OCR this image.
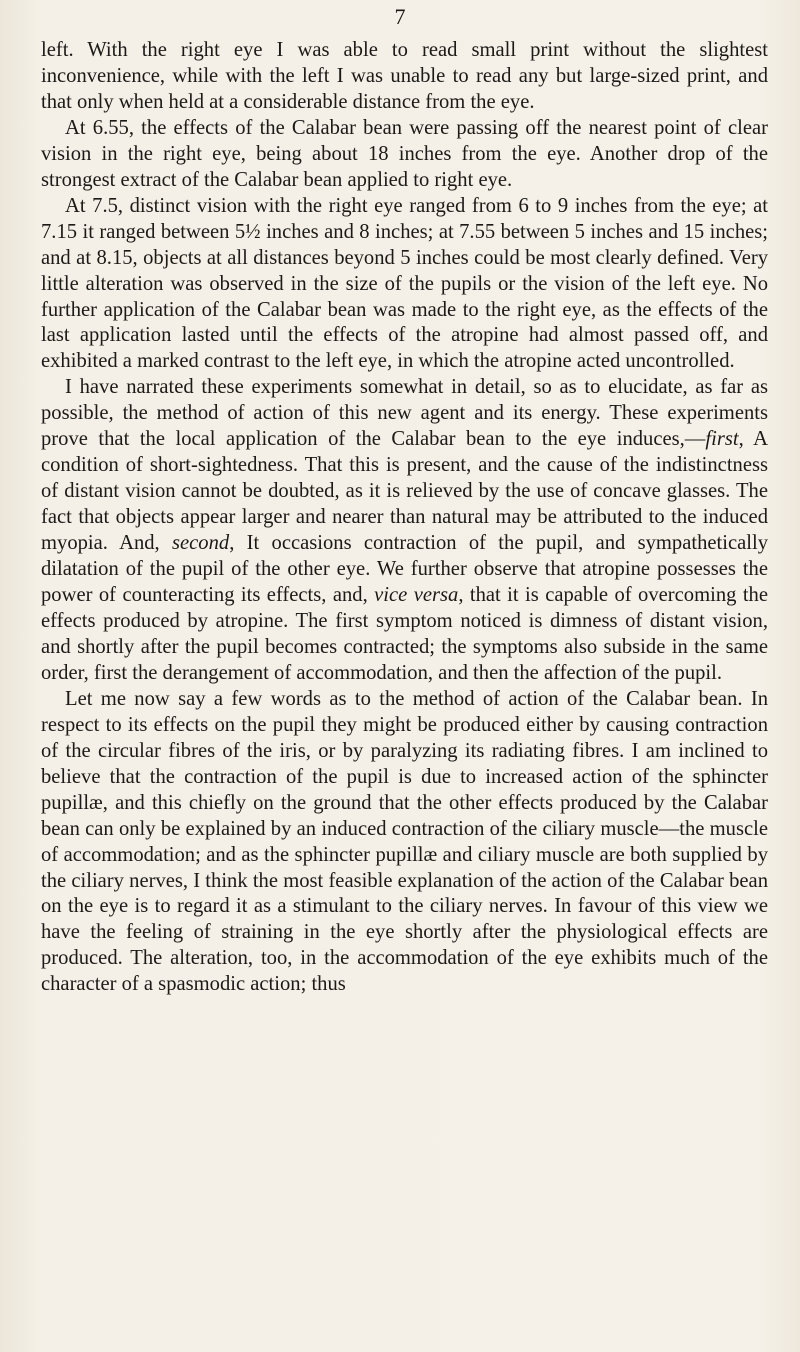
7

left. With the right eye I was able to read small print without the slightest inconvenience, while with the left I was unable to read any but large-sized print, and that only when held at a considerable distance from the eye.

At 6.55, the effects of the Calabar bean were passing off the nearest point of clear vision in the right eye, being about 18 inches from the eye. Another drop of the strongest extract of the Calabar bean applied to right eye.

At 7.5, distinct vision with the right eye ranged from 6 to 9 inches from the eye; at 7.15 it ranged between 5½ inches and 8 inches; at 7.55 between 5 inches and 15 inches; and at 8.15, objects at all distances beyond 5 inches could be most clearly defined. Very little alteration was observed in the size of the pupils or the vision of the left eye. No further application of the Calabar bean was made to the right eye, as the effects of the last application lasted until the effects of the atropine had almost passed off, and exhibited a marked contrast to the left eye, in which the atropine acted uncontrolled.

I have narrated these experiments somewhat in detail, so as to elucidate, as far as possible, the method of action of this new agent and its energy. These experiments prove that the local application of the Calabar bean to the eye induces,—first, A condition of short-sightedness. That this is present, and the cause of the indistinctness of distant vision cannot be doubted, as it is relieved by the use of concave glasses. The fact that objects appear larger and nearer than natural may be attributed to the induced myopia. And, second, It occasions contraction of the pupil, and sympathetically dilatation of the pupil of the other eye. We further observe that atropine possesses the power of counteracting its effects, and, vice versa, that it is capable of overcoming the effects produced by atropine. The first symptom noticed is dimness of distant vision, and shortly after the pupil becomes contracted; the symptoms also subside in the same order, first the derangement of accommodation, and then the affection of the pupil.

Let me now say a few words as to the method of action of the Calabar bean. In respect to its effects on the pupil they might be produced either by causing contraction of the circular fibres of the iris, or by paralyzing its radiating fibres. I am inclined to believe that the contraction of the pupil is due to increased action of the sphincter pupillæ, and this chiefly on the ground that the other effects produced by the Calabar bean can only be explained by an induced contraction of the ciliary muscle—the muscle of accommodation; and as the sphincter pupillæ and ciliary muscle are both supplied by the ciliary nerves, I think the most feasible explanation of the action of the Calabar bean on the eye is to regard it as a stimulant to the ciliary nerves. In favour of this view we have the feeling of straining in the eye shortly after the physiological effects are produced. The alteration, too, in the accommodation of the eye exhibits much of the character of a spasmodic action; thus
